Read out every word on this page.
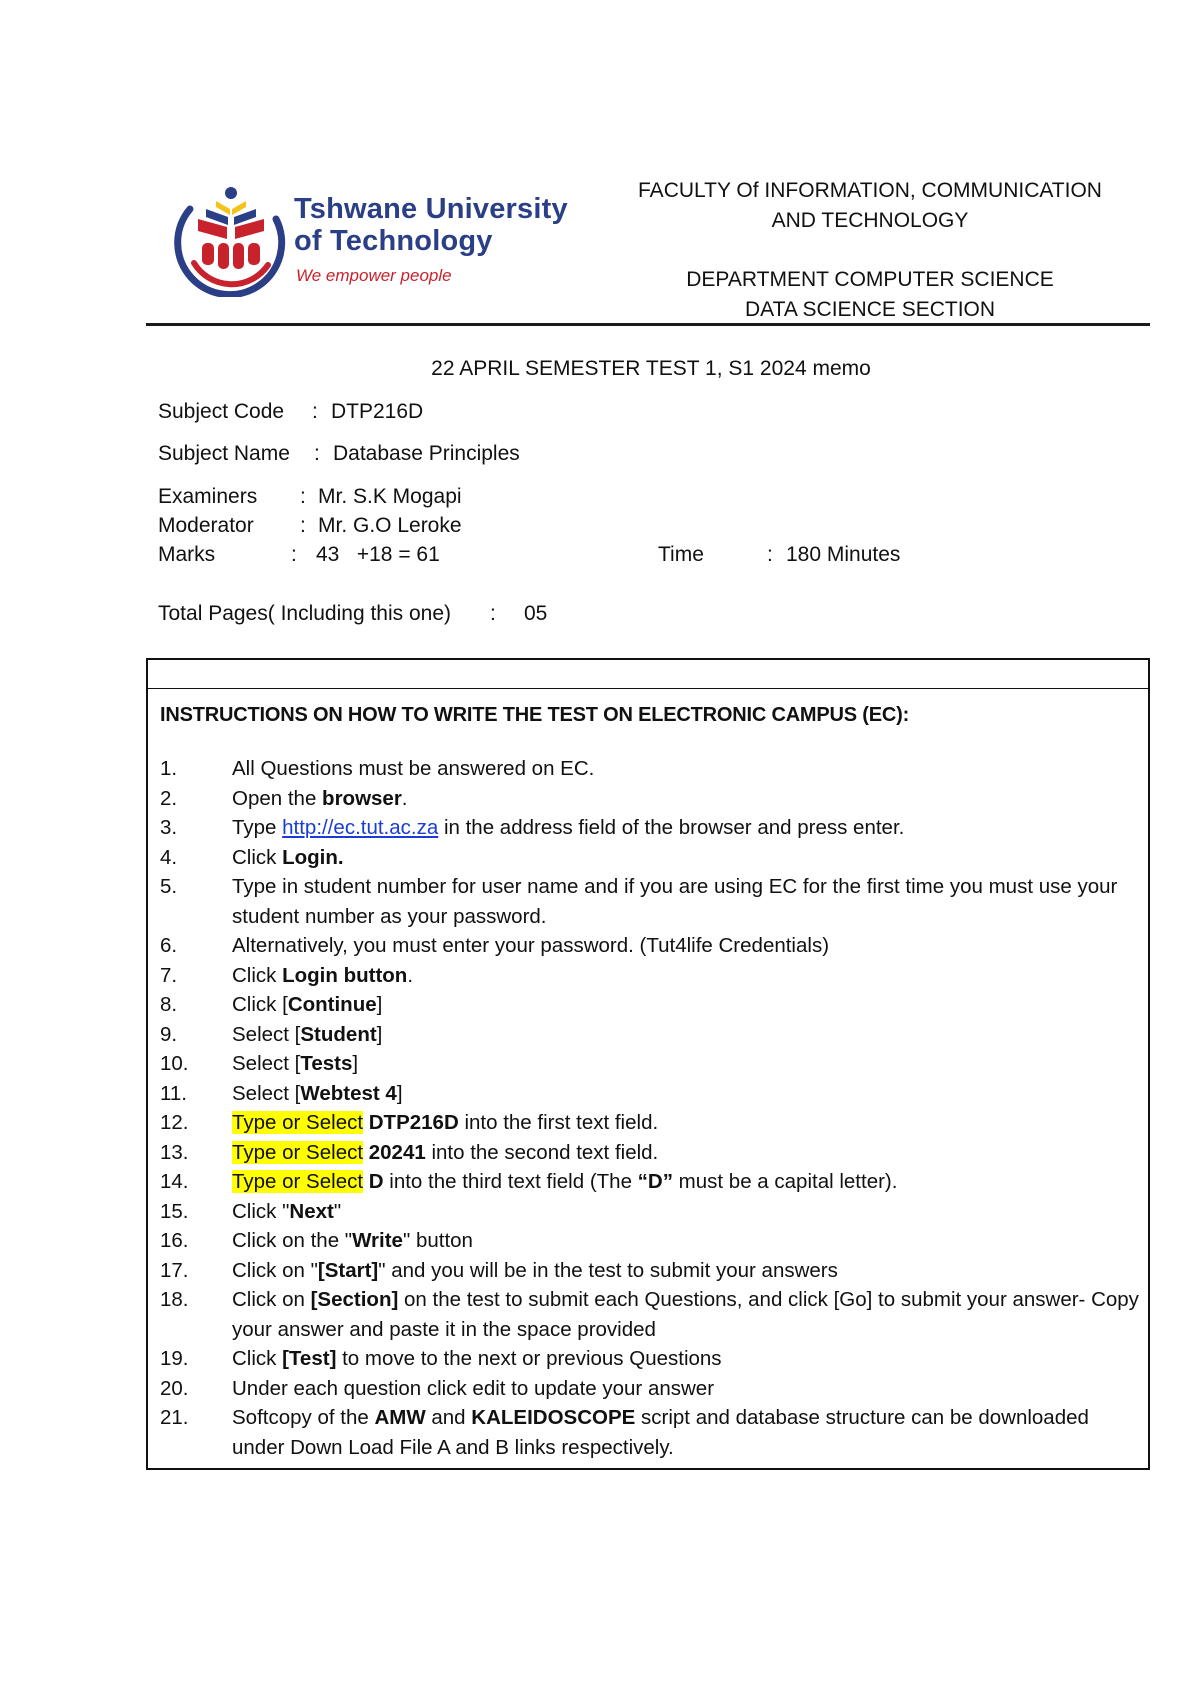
Tshwane University
of Technology
We empower people
FACULTY Of INFORMATION, COMMUNICATION
AND TECHNOLOGY
DEPARTMENT COMPUTER SCIENCE
DATA SCIENCE SECTION
22 APRIL SEMESTER TEST 1, S1 2024 memo
Subject Code : DTP216D
Subject Name : Database Principles
Examiners : Mr. S.K Mogapi
Moderator : Mr. G.O Leroke
Marks	: 43   +18 = 61	Time	: 180 Minutes
Total Pages( Including this one) : 05
INSTRUCTIONS ON HOW TO WRITE THE TEST ON ELECTRONIC CAMPUS (EC):
1.	All Questions must be answered on EC.
2.	Open the browser.
3.	Type http://ec.tut.ac.za in the address field of the browser and press enter.
4.	Click Login.
5.	Type in student number for user name and if you are using EC for the first time you must use your student number as your password.
6.	Alternatively, you must enter your password. (Tut4life Credentials)
7.	Click Login button.
8.	Click [Continue]
9.	Select [Student]
10. Select [Tests]
11. Select [Webtest 4]
12. Type or Select DTP216D into the first text field.
13. Type or Select 20241 into the second text field.
14. Type or Select D into the third text field (The “D” must be a capital letter).
15. Click "Next"
16. Click on the "Write" button
17. Click on "[Start]" and you will be in the test to submit your answers
18. Click on [Section] on the test to submit each Questions, and click [Go] to submit your answer- Copy your answer and paste it in the space provided
19. Click [Test] to move to the next or previous Questions
20. Under each question click edit to update your answer
21. Softcopy of the AMW and KALEIDOSCOPE script and database structure can be downloaded under Down Load File A and B links respectively.
